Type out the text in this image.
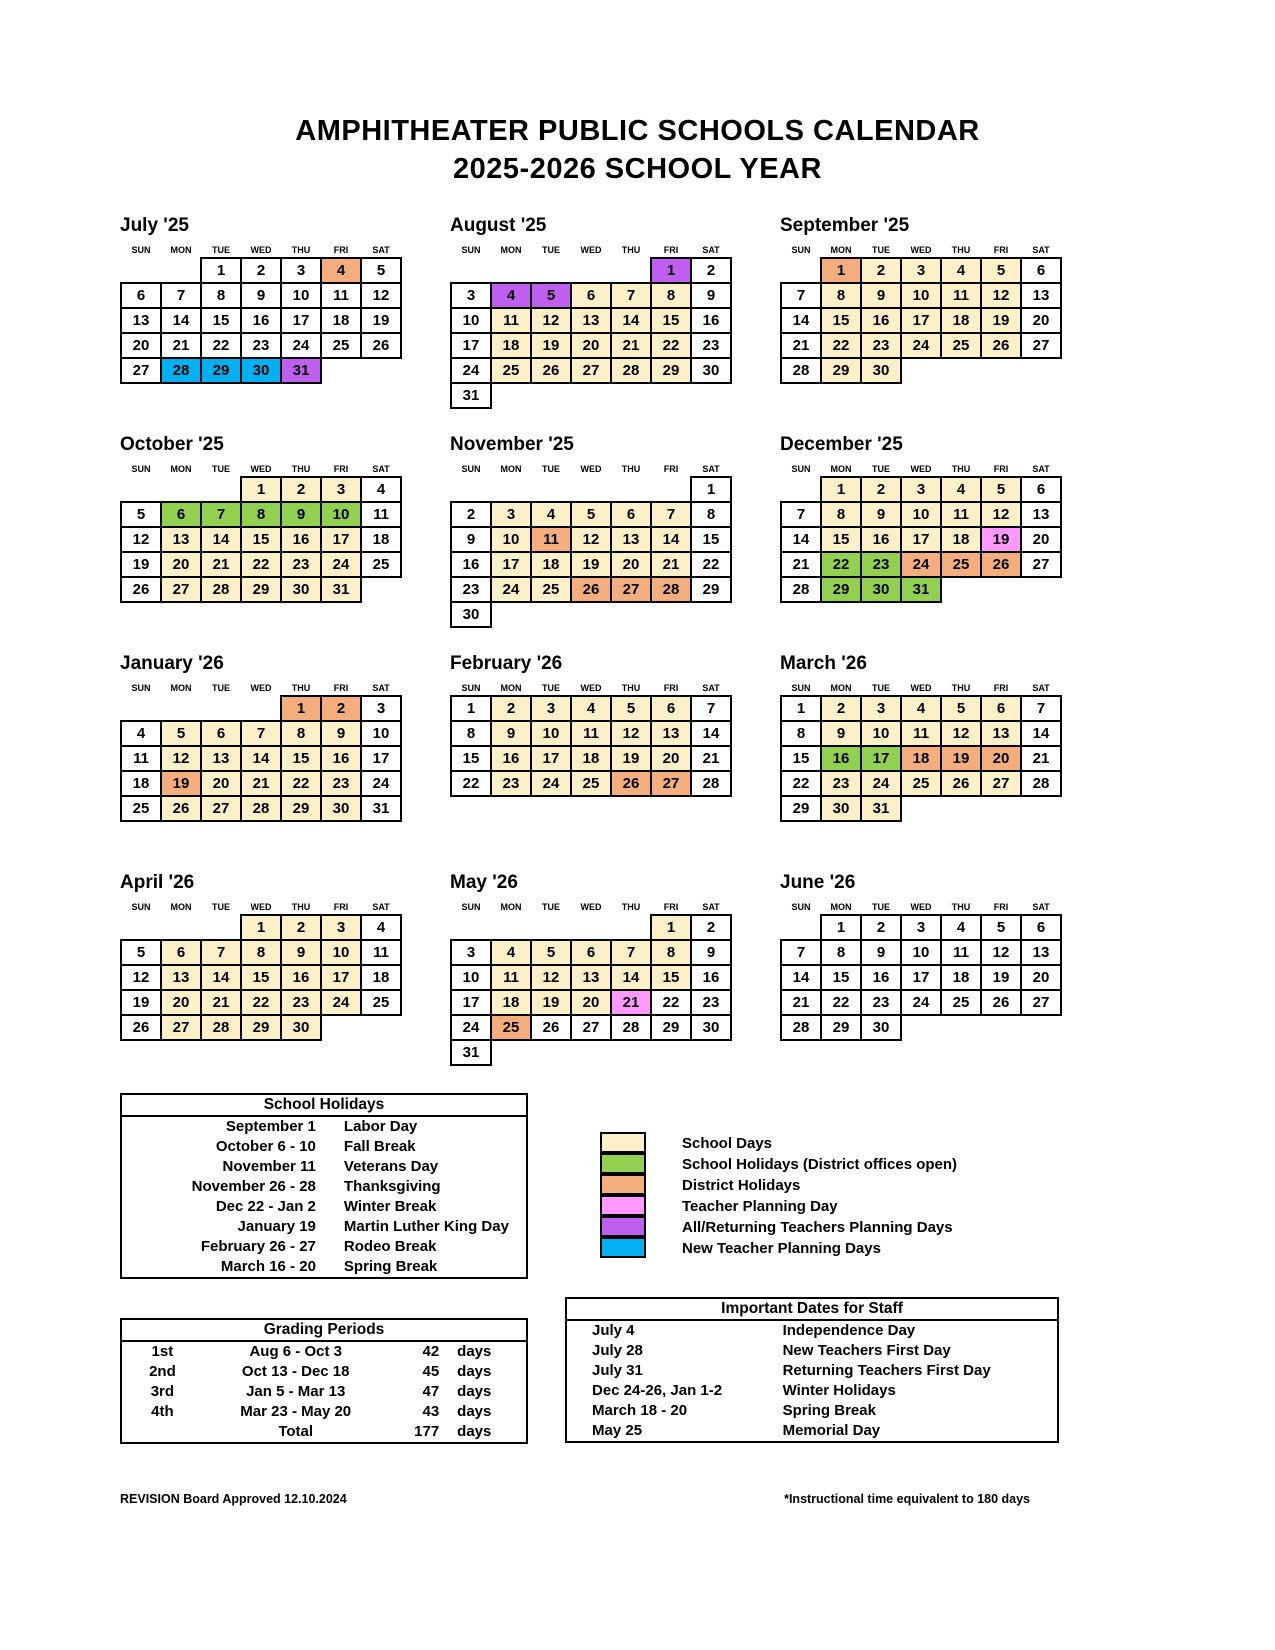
AMPHITHEATER PUBLIC SCHOOLS CALENDAR
2025-2026 SCHOOL YEAR
July '25
SUN	MON	TUE	WED	THU	FRI	SAT
		1	2	3	4	5
6	7	8	9	10	11	12
13	14	15	16	17	18	19
20	21	22	23	24	25	26
27	28	29	30	31		
August '25
SUN	MON	TUE	WED	THU	FRI	SAT
					1	2
3	4	5	6	7	8	9
10	11	12	13	14	15	16
17	18	19	20	21	22	23
24	25	26	27	28	29	30
31						
September '25
SUN	MON	TUE	WED	THU	FRI	SAT
	1	2	3	4	5	6
7	8	9	10	11	12	13
14	15	16	17	18	19	20
21	22	23	24	25	26	27
28	29	30				
October '25
SUN	MON	TUE	WED	THU	FRI	SAT
			1	2	3	4
5	6	7	8	9	10	11
12	13	14	15	16	17	18
19	20	21	22	23	24	25
26	27	28	29	30	31	
November '25
SUN	MON	TUE	WED	THU	FRI	SAT
						1
2	3	4	5	6	7	8
9	10	11	12	13	14	15
16	17	18	19	20	21	22
23	24	25	26	27	28	29
30						
December '25
SUN	MON	TUE	WED	THU	FRI	SAT
	1	2	3	4	5	6
7	8	9	10	11	12	13
14	15	16	17	18	19	20
21	22	23	24	25	26	27
28	29	30	31			
January '26
SUN	MON	TUE	WED	THU	FRI	SAT
				1	2	3
4	5	6	7	8	9	10
11	12	13	14	15	16	17
18	19	20	21	22	23	24
25	26	27	28	29	30	31
February '26
SUN	MON	TUE	WED	THU	FRI	SAT
1	2	3	4	5	6	7
8	9	10	11	12	13	14
15	16	17	18	19	20	21
22	23	24	25	26	27	28
March '26
SUN	MON	TUE	WED	THU	FRI	SAT
1	2	3	4	5	6	7
8	9	10	11	12	13	14
15	16	17	18	19	20	21
22	23	24	25	26	27	28
29	30	31				
April '26
SUN	MON	TUE	WED	THU	FRI	SAT
			1	2	3	4
5	6	7	8	9	10	11
12	13	14	15	16	17	18
19	20	21	22	23	24	25
26	27	28	29	30		
May '26
SUN	MON	TUE	WED	THU	FRI	SAT
					1	2
3	4	5	6	7	8	9
10	11	12	13	14	15	16
17	18	19	20	21	22	23
24	25	26	27	28	29	30
31						
June '26
SUN	MON	TUE	WED	THU	FRI	SAT
	1	2	3	4	5	6
7	8	9	10	11	12	13
14	15	16	17	18	19	20
21	22	23	24	25	26	27
28	29	30				
School Holidays
September 1	Labor Day
October 6 - 10	Fall Break
November 11	Veterans Day
November 26 - 28	Thanksgiving
Dec 22 - Jan 2	Winter Break
January 19	Martin Luther King Day
February 26 - 27	Rodeo Break
March 16 - 20	Spring Break
School Days
School Holidays (District offices open)
District Holidays
Teacher Planning Day
All/Returning Teachers Planning Days
New Teacher Planning Days
Grading Periods
1st	Aug 6 - Oct 3	42	days
2nd	Oct 13 - Dec 18	45	days
3rd	Jan 5 - Mar 13	47	days
4th	Mar 23 - May 20	43	days
	Total	177	days
Important Dates for Staff
July 4	Independence Day
July 28	New Teachers First Day
July 31	Returning Teachers First Day
Dec 24-26, Jan 1-2	Winter Holidays
March 18 - 20	Spring Break
May 25	Memorial Day
REVISION Board Approved 12.10.2024	*Instructional time equivalent to 180 days
